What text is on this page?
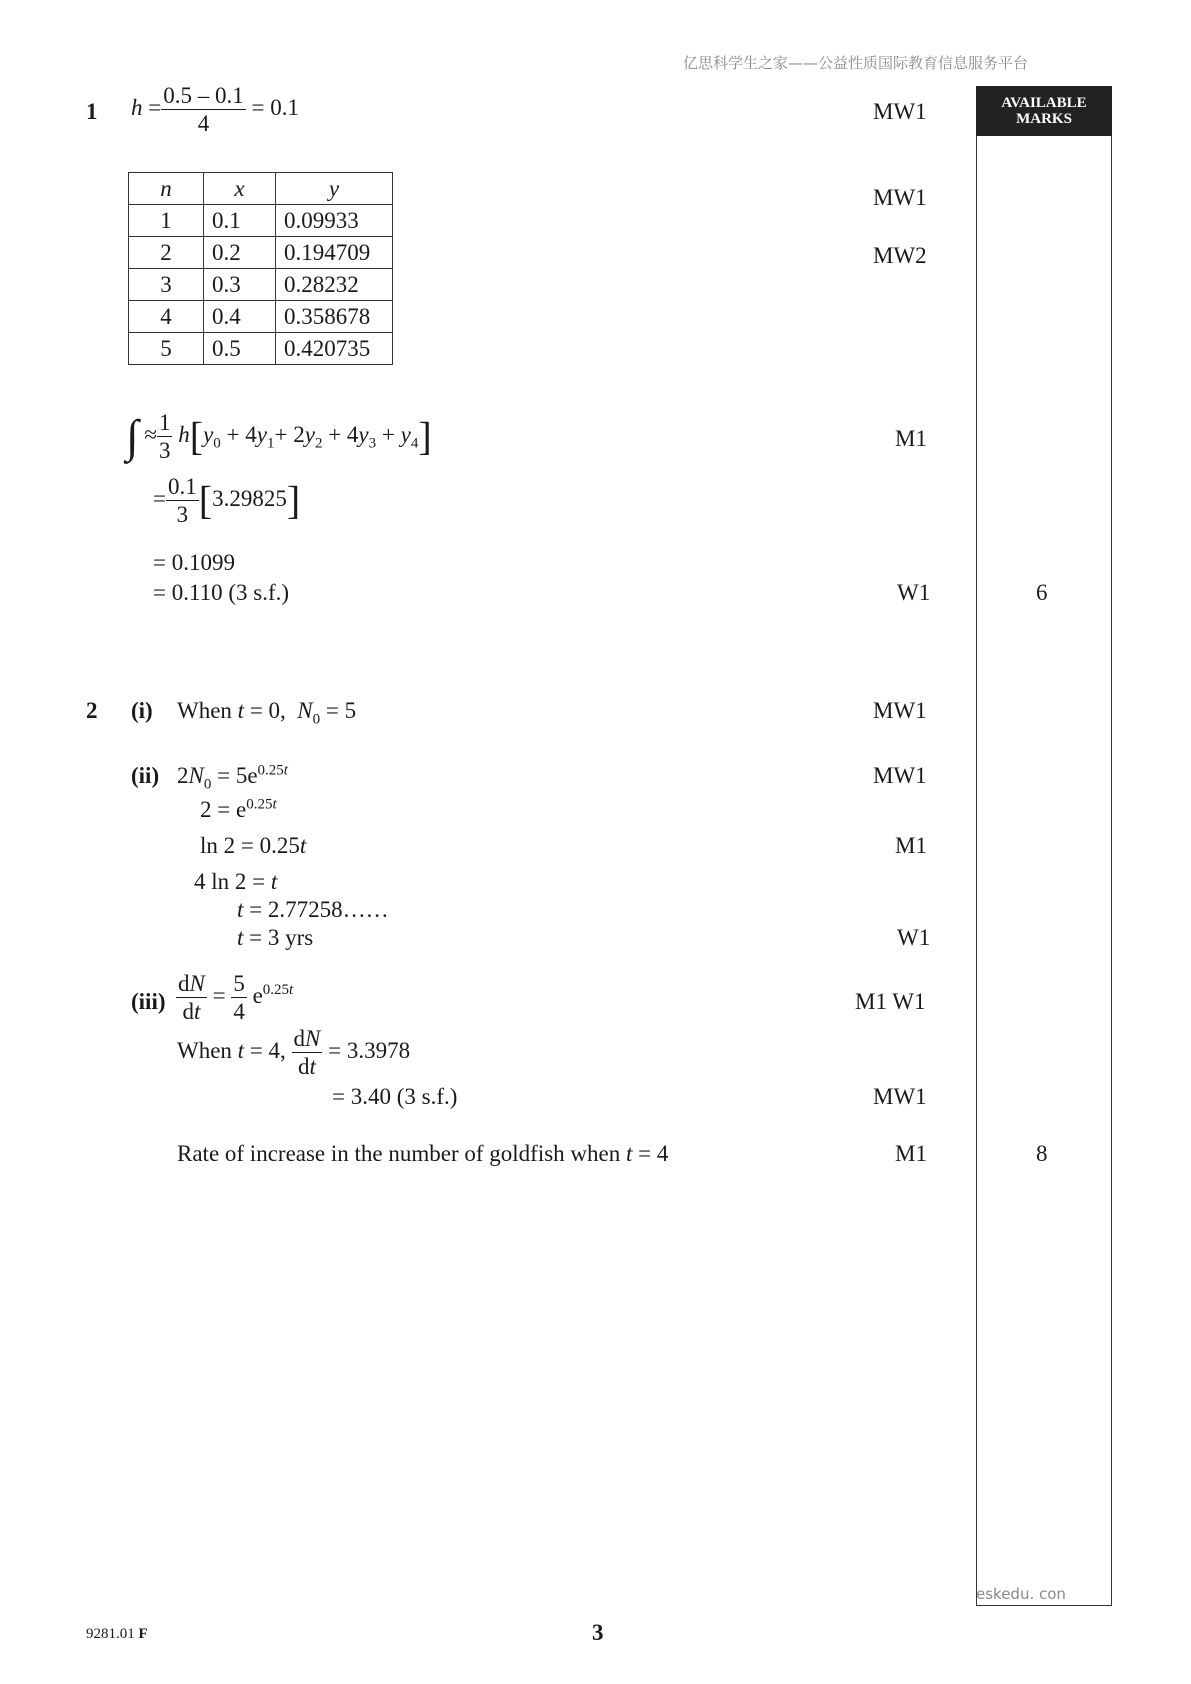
亿思科学生之家——公益性质国际教育信息服务平台
AVAILABLE
MARKS
1 $h = \frac{0.5 - 0.1}{4} = 0.1$	MW1
n	x	y
1	0.1	0.09933
2	0.2	0.194709
3	0.3	0.28232
4	0.4	0.358678
5	0.5	0.420735
MW1
MW2
∫ ≈ $\frac{1}{3} h[y_0 + 4y_1+ 2y_2 + 4y_3 + y_4]$	M1
= $\frac{0.1}{3} [3.29825]$
= 0.1099
= 0.110 (3 s.f.)	W1	6
2 (i) When t = 0, $N_0 = 5$	MW1
(ii) $2N_0 = 5e^{0.25t}$	MW1
$2 = e^{0.25t}$
ln 2 = 0.25t	M1
4 ln 2 = t
t = 2.77258……
t = 3 yrs	W1
$(iii) \frac{dN}{dt} = \frac{5}{4} e^{0.25t}$	M1 W1
When t = 4, $\frac{dN}{dt} = 3.3978$
= 3.40 (3 s.f.)	MW1
Rate of increase in the number of goldfish when t = 4	M1	8
eskedu. con
9281.01 F	3
